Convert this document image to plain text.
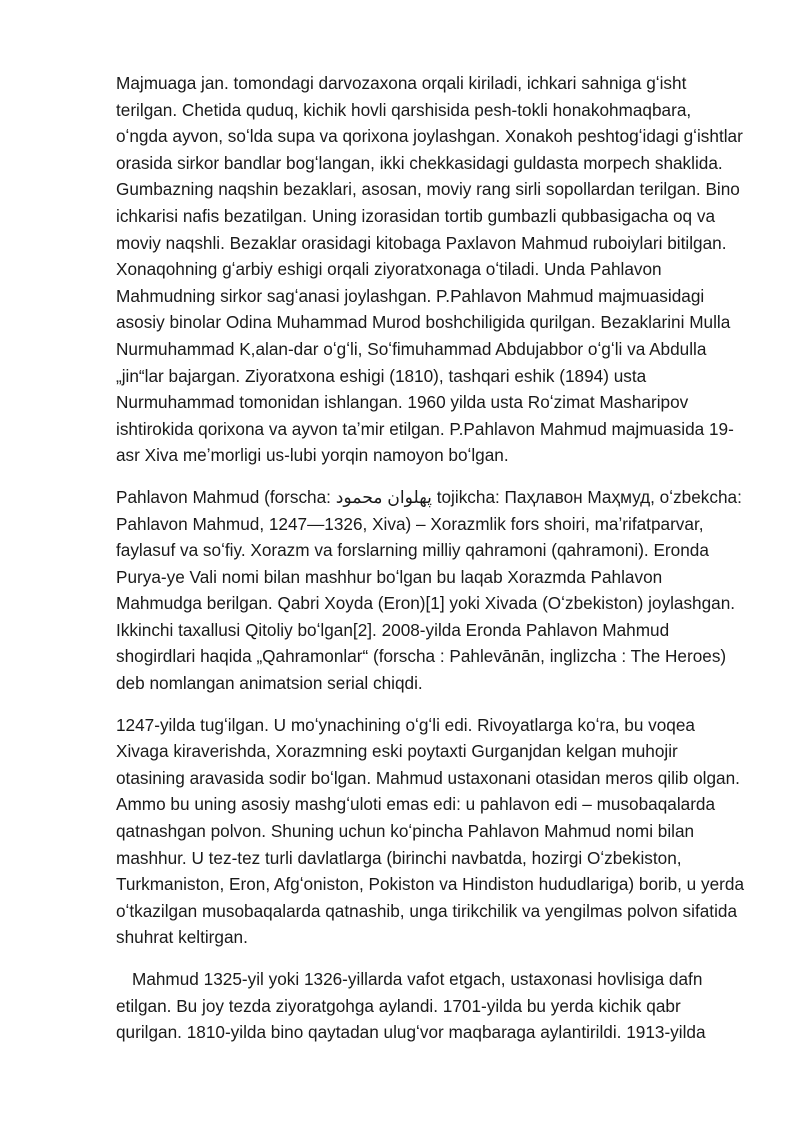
Majmuaga jan. tomondagi darvozaxona orqali kiriladi, ichkari sahniga gʻisht terilgan. Chetida quduq, kichik hovli qarshisida pesh-tokli honakohmaqbara, oʻngda ayvon, soʻlda supa va qorixona joylashgan. Xonakoh peshtogʻidagi gʻishtlar orasida sirkor bandlar bogʻlangan, ikki chekkasidagi guldasta morpech shaklida. Gumbazning naqshin bezaklari, asosan, moviy rang sirli sopollardan terilgan. Bino ichkarisi nafis bezatilgan. Uning izorasidan tortib gumbazli qubbasigacha oq va moviy naqshli. Bezaklar orasidagi kitobaga Paxlavon Mahmud ruboiylari bitilgan. Xonaqohning gʻarbiy eshigi orqali ziyoratxonaga oʻtiladi. Unda Pahlavon Mahmudning sirkor sagʻanasi joylashgan. P.Pahlavon Mahmud majmuasidagi asosiy binolar Odina Muhammad Murod boshchiligida qurilgan. Bezaklarini Mulla Nurmuhammad K,alan-dar oʻgʻli, Soʻfimuhammad Abdujabbor oʻgʻli va Abdulla „jin“lar bajargan. Ziyoratxona eshigi (1810), tashqari eshik (1894) usta Nurmuhammad tomonidan ishlangan. 1960 yilda usta Roʻzimat Masharipov ishtirokida qorixona va ayvon taʼmir etilgan. P.Pahlavon Mahmud majmuasida 19-asr Xiva meʼmorligi us-lubi yorqin namoyon boʻlgan.

Pahlavon Mahmud (forscha: پهلوان محمود tojikcha: Паҳлавон Маҳмуд, oʻzbekcha: Pahlavon Mahmud, 1247—1326, Xiva) – Xorazmlik fors shoiri, maʼrifatparvar, faylasuf va soʻfiy. Xorazm va forslarning milliy qahramoni (qahramoni). Eronda Purya-ye Vali nomi bilan mashhur boʻlgan bu laqab Xorazmda Pahlavon Mahmudga berilgan. Qabri Xoyda (Eron)[1] yoki Xivada (Oʻzbekiston) joylashgan. Ikkinchi taxallusi Qitoliy boʻlgan[2]. 2008-yilda Eronda Pahlavon Mahmud shogirdlari haqida „Qahramonlar“ (forscha : Pahlevānān, inglizcha : The Heroes) deb nomlangan animatsion serial chiqdi.

1247-yilda tugʻilgan. U moʻynachining oʻgʻli edi. Rivoyatlarga koʻra, bu voqea Xivaga kiraverishda, Xorazmning eski poytaxti Gurganjdan kelgan muhojir otasining aravasida sodir boʻlgan. Mahmud ustaxonani otasidan meros qilib olgan. Ammo bu uning asosiy mashgʻuloti emas edi: u pahlavon edi – musobaqalarda qatnashgan polvon. Shuning uchun koʻpincha Pahlavon Mahmud nomi bilan mashhur. U tez-tez turli davlatlarga (birinchi navbatda, hozirgi Oʻzbekiston, Turkmaniston, Eron, Afgʻoniston, Pokiston va Hindiston hududlariga) borib, u yerda oʻtkazilgan musobaqalarda qatnashib, unga tirikchilik va yengilmas polvon sifatida shuhrat keltirgan.

Mahmud 1325-yil yoki 1326-yillarda vafot etgach, ustaxonasi hovlisiga dafn etilgan. Bu joy tezda ziyoratgohga aylandi. 1701-yilda bu yerda kichik qabr qurilgan. 1810-yilda bino qaytadan ulugʻvor maqbaraga aylantirildi. 1913-yilda
